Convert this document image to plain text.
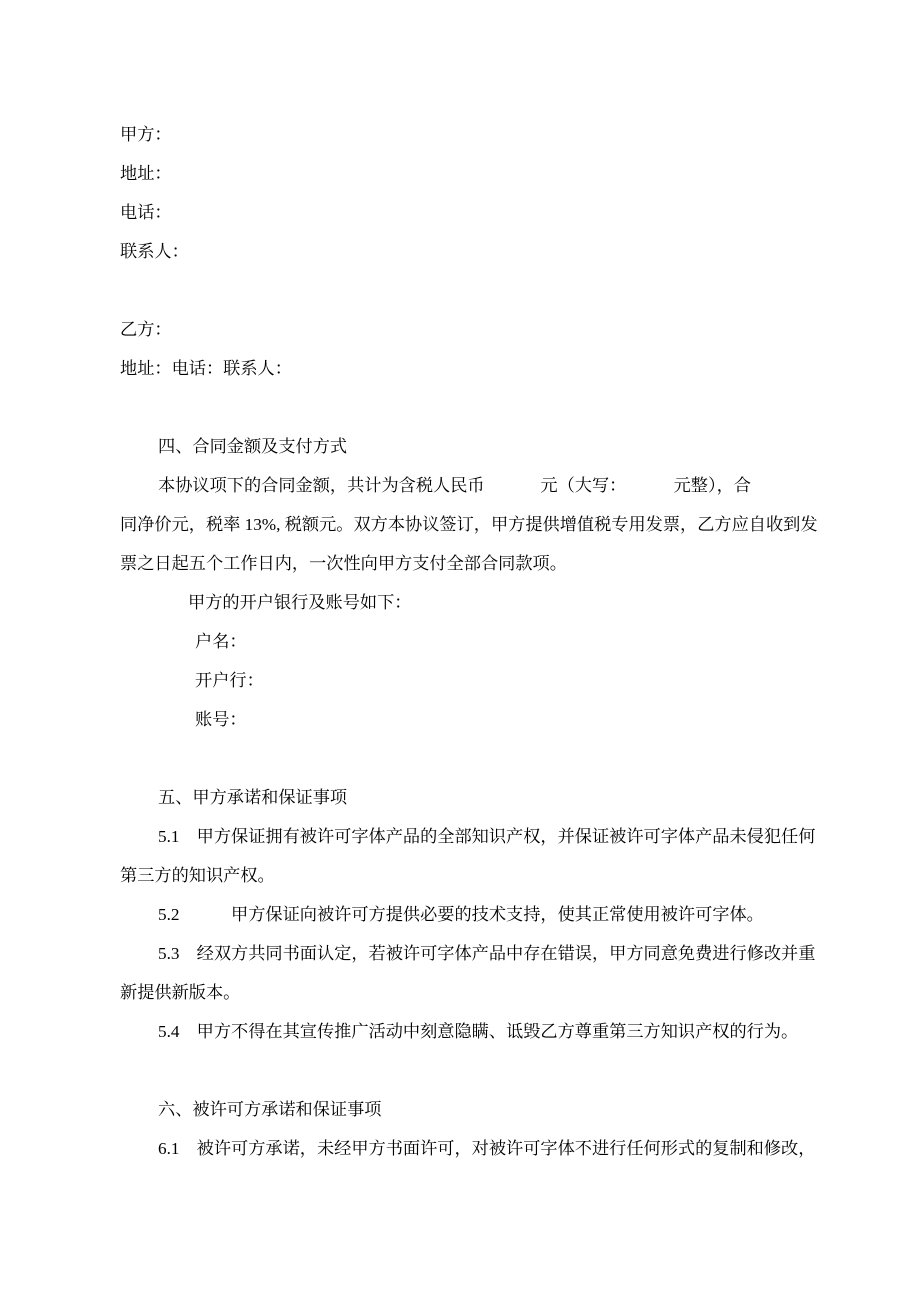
甲方：
地址：
电话：
联系人：
乙方：
地址：电话：联系人：
四、合同金额及支付方式
本协议项下的合同金额，共计为含税人民币　　　 元（大写：　　　 元整），合
同净价元，税率 13%, 税额元。双方本协议签订，甲方提供增值税专用发票，乙方应自收到发
票之日起五个工作日内，一次性向甲方支付全部合同款项。
甲方的开户银行及账号如下：
户名：
开户行：
账号：
五、甲方承诺和保证事项
5.1　甲方保证拥有被许可字体产品的全部知识产权，并保证被许可字体产品未侵犯任何
第三方的知识产权。
5.2　　　甲方保证向被许可方提供必要的技术支持，使其正常使用被许可字体。
5.3　经双方共同书面认定，若被许可字体产品中存在错误，甲方同意免费进行修改并重
新提供新版本。
5.4　甲方不得在其宣传推广活动中刻意隐瞒、诋毁乙方尊重第三方知识产权的行为。
六、被许可方承诺和保证事项
6.1　被许可方承诺，未经甲方书面许可，对被许可字体不进行任何形式的复制和修改，
